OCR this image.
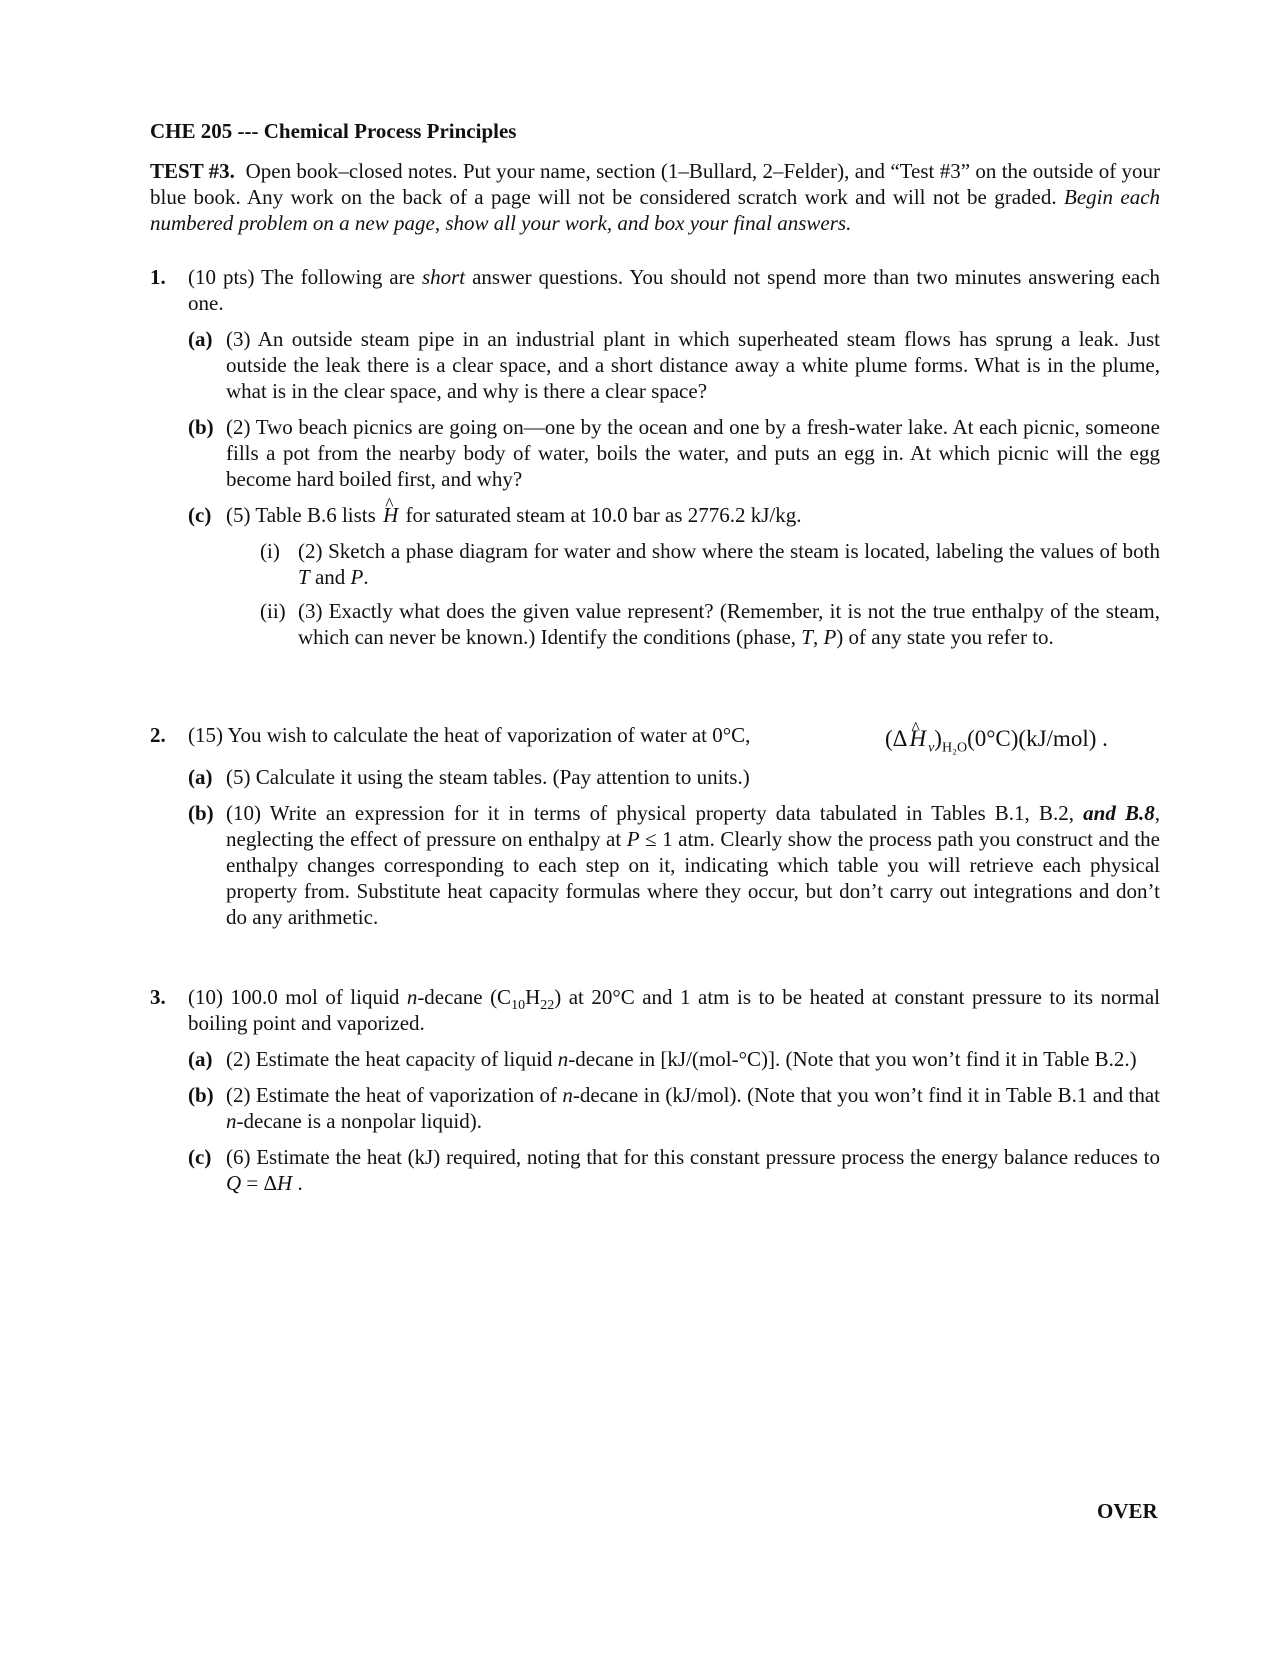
CHE 205 --- Chemical Process Principles

TEST #3. Open book–closed notes. Put your name, section (1–Bullard, 2–Felder), and “Test #3” on the outside of your blue book. Any work on the back of a page will not be considered scratch work and will not be graded. Begin each numbered problem on a new page, show all your work, and box your final answers.

1. (10 pts) The following are short answer questions. You should not spend more than two minutes answering each one.

(a) (3) An outside steam pipe in an industrial plant in which superheated steam flows has sprung a leak. Just outside the leak there is a clear space, and a short distance away a white plume forms. What is in the plume, what is in the clear space, and why is there a clear space?
(b) (2) Two beach picnics are going on—one by the ocean and one by a fresh-water lake. At each picnic, someone fills a pot from the nearby body of water, boils the water, and puts an egg in. At which picnic will the egg become hard boiled first, and why?
(c) (5) Table B.6 lists ^ H for saturated steam at 10.0 bar as 2776.2 kJ/kg.
(i) (2) Sketch a phase diagram for water and show where the steam is located, labeling the values of both T and P.
(ii) (3) Exactly what does the given value represent? (Remember, it is not the true enthalpy of the steam, which can never be known.) Identify the conditions (phase, T, P) of any state you refer to.
2. (15) You wish to calculate the heat of vaporization of water at 0°C,	(Δ^ H $_v)_{H_2O}(0^\circ C)(kJ/mol)$ .
(a) (5) Calculate it using the steam tables. (Pay attention to units.)
(b) (10) Write an expression for it in terms of physical property data tabulated in Tables B.1, B.2, and B.8, neglecting the effect of pressure on enthalpy at P ≤ 1 atm. Clearly show the process path you construct and the enthalpy changes corresponding to each step on it, indicating which table you will retrieve each physical property from. Substitute heat capacity formulas where they occur, but don’t carry out integrations and don’t do any arithmetic.
3. (10) 100.0 mol of liquid n-decane $(C_{10}H_{22})$ at 20°C and 1 atm is to be heated at constant pressure to its normal boiling point and vaporized.

(a) (2) Estimate the heat capacity of liquid n-decane in [kJ/(mol-°C)]. (Note that you won’t find it in Table B.2.)
(b) (2) Estimate the heat of vaporization of n-decane in (kJ/mol). (Note that you won’t find it in Table B.1 and that n-decane is a nonpolar liquid).
(c) (6) Estimate the heat (kJ) required, noting that for this constant pressure process the energy balance reduces to Q = ΔH .
OVER
